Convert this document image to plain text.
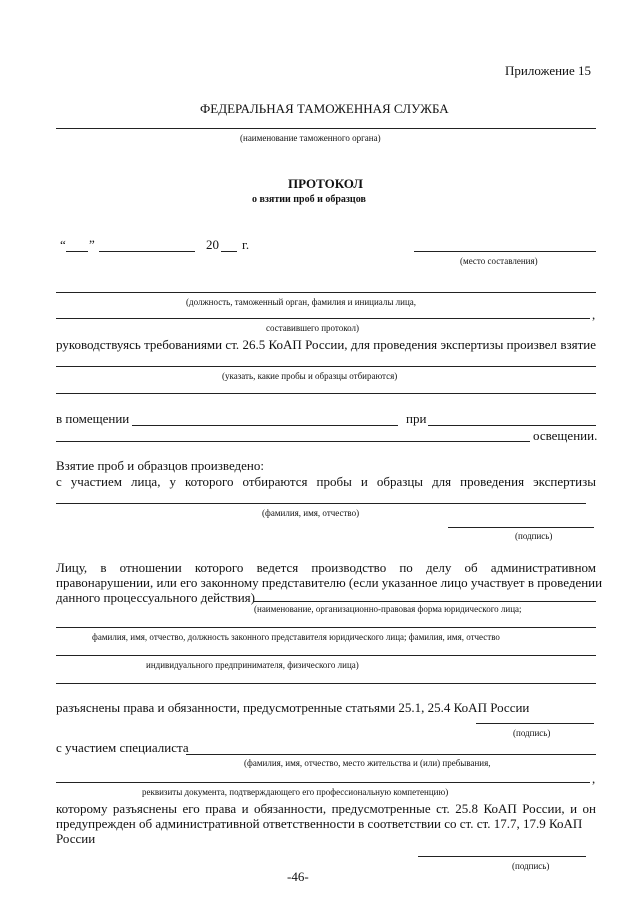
Приложение 15
ФЕДЕРАЛЬНАЯ ТАМОЖЕННАЯ СЛУЖБА
(наименование таможенного органа)
ПРОТОКОЛ
о взятии проб и образцов
“ ”	20 г.
(место составления)
(должность, таможенный орган, фамилия и инициалы лица,
,
составившего протокол)
руководствуясь требованиями ст. 26.5 КоАП России, для проведения экспертизы произвел взятие
(указать, какие пробы и образцы отбираются)
в помещении	при
освещении.
Взятие проб и образцов произведено:
с участием лица, у которого отбираются пробы и образцы для проведения экспертизы
(фамилия, имя, отчество)
(подпись)
Лицу, в отношении которого ведется производство по делу об административном
правонарушении, или его законному представителю (если указанное лицо участвует в проведении
данного процессуального действия)
(наименование, организационно-правовая форма юридического лица;
фамилия, имя, отчество, должность законного представителя юридического лица; фамилия, имя, отчество
индивидуального предпринимателя, физического лица)
разъяснены права и обязанности, предусмотренные статьями 25.1, 25.4 КоАП России
(подпись)
с участием специалиста
(фамилия, имя, отчество, место жительства и (или) пребывания,
,
реквизиты документа, подтверждающего его профессиональную компетенцию)
которому разъяснены его права и обязанности, предусмотренные ст. 25.8 КоАП России, и он
предупрежден об административной ответственности в соответствии со ст. ст. 17.7, 17.9 КоАП
России
(подпись)
-46-
